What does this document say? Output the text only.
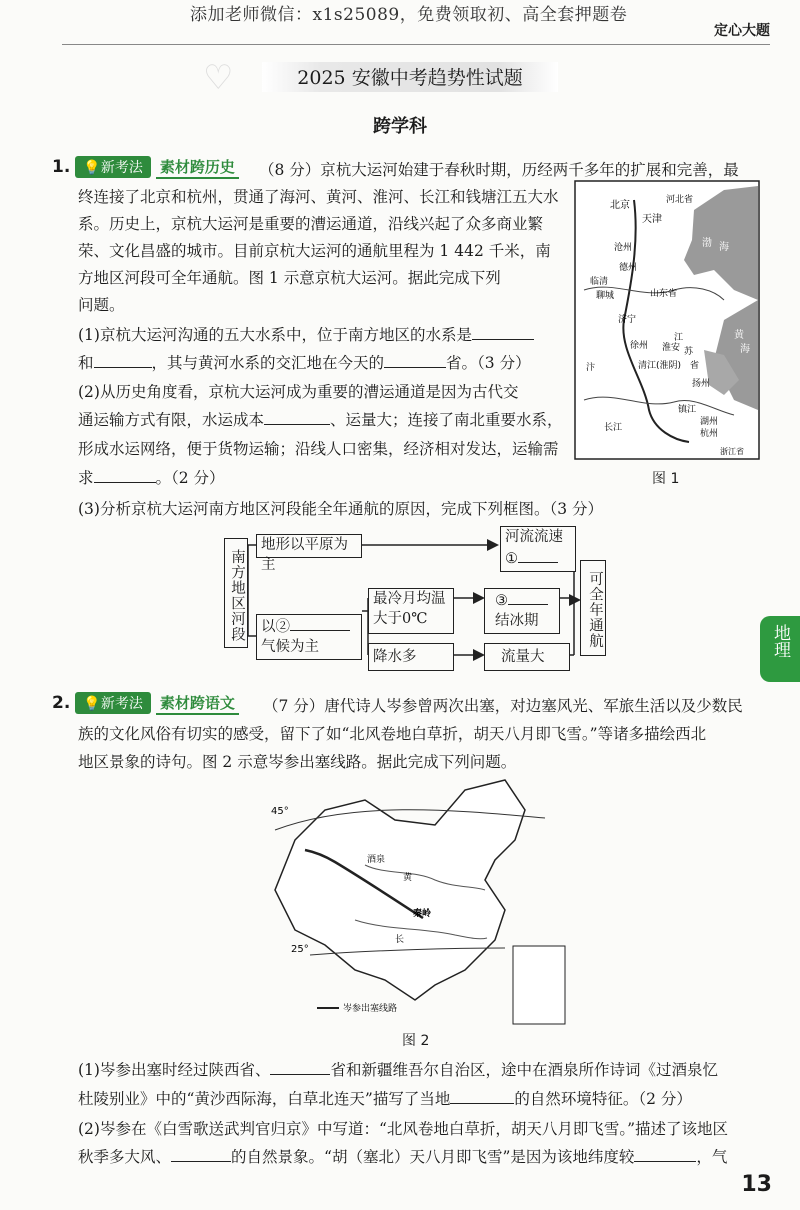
添加老师微信：x1s25089，免费领取初、高全套押题卷
定心大题
♡	2025 安徽中考趋势性试题
跨学科
1. 💡新考法 素材跨历史 （8 分）京杭大运河始建于春秋时期，历经两千多年的扩展和完善，最
终连接了北京和杭州，贯通了海河、黄河、淮河、长江和钱塘江五大水
系。历史上，京杭大运河是重要的漕运通道，沿线兴起了众多商业繁
荣、文化昌盛的城市。目前京杭大运河的通航里程为 1 442 千米，南
方地区河段可全年通航。图 1 示意京杭大运河。据此完成下列
问题。
(1)京杭大运河沟通的五大水系中，位于南方地区的水系是
和	，其与黄河水系的交汇地在今天的	省。（3 分）
(2)从历史角度看，京杭大运河成为重要的漕运通道是因为古代交
通运输方式有限，水运成本	、运量大；连接了南北重要水系，
形成水运网络，便于货物运输；沿线人口密集，经济相对发达，运输需
求	。（2 分）
(3)分析京杭大运河南方地区河段能全年通航的原因，完成下列框图。（3 分）
北京
天津
河北省
沧州	渤 海
德州
临清
聊城	山东省
济宁
徐州 淮安
黄
海
清江(淮阴)
扬州
镇江
湖州
杭州
浙江省
江
苏
省
长江
汴
图 1
南方地区河段
地形以平原为主
河流流速
①
以②
气候为主
最冷月均温
大于0℃
③
结冰期
降水多	流量大
可全年通航
2. 💡新考法 素材跨语文 （7 分）唐代诗人岑参曾两次出塞，对边塞风光、军旅生活以及少数民
族的文化风俗有切实的感受，留下了如“北风卷地白草折，胡天八月即飞雪。”等诸多描绘西北
地区景象的诗句。图 2 示意岑参出塞线路。据此完成下列问题。
45°
25°
酒泉
黄
长
秦岭
岑参出塞线路
图 2
(1)岑参出塞时经过陕西省、	省和新疆维吾尔自治区，途中在酒泉所作诗词《过酒泉忆
杜陵别业》中的“黄沙西际海，白草北连天”描写了当地	的自然环境特征。（2 分）
(2)岑参在《白雪歌送武判官归京》中写道：“北风卷地白草折，胡天八月即飞雪。”描述了该地区
秋季多大风、	的自然景象。“胡（塞北）天八月即飞雪”是因为该地纬度较	，气
地理
13
